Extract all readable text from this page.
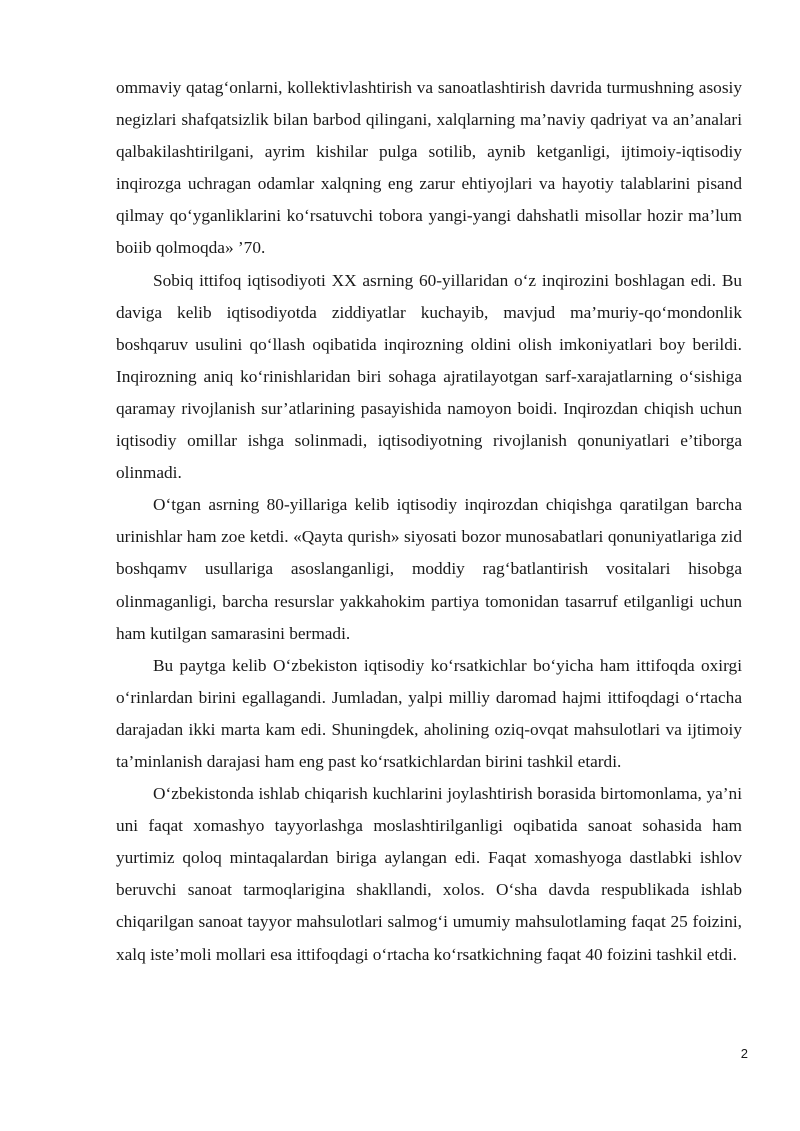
ommaviy qatag‘onlarni, kollektivlashtirish va sanoatlashtirish davrida turmushning asosiy negizlari shafqatsizlik bilan barbod qilingani, xalqlarning ma’naviy qadriyat va an’analari qalbakilashtirilgani, ayrim kishilar pulga sotilib, aynib ketganligi, ijtimoiy-iqtisodiy inqirozga uchragan odamlar xalqning eng zarur ehtiyojlari va hayotiy talablarini pisand qilmay qo‘yganliklarini ko‘rsatuvchi tobora yangi-yangi dahshatli misollar hozir ma’lum boiib qolmoqda» ’70.

Sobiq ittifoq iqtisodiyoti XX asrning 60-yillaridan o‘z inqirozini boshlagan edi. Bu daviga kelib iqtisodiyotda ziddiyatlar kuchayib, mavjud ma’muriy-qo‘mondonlik boshqaruv usulini qo‘llash oqibatida inqirozning oldini olish imkoniyatlari boy berildi. Inqirozning aniq ko‘rinishlaridan biri sohaga ajratilayotgan sarf-xarajatlarning o‘sishiga qaramay rivojlanish sur’atlarining pasayishida namoyon boidi. Inqirozdan chiqish uchun iqtisodiy omillar ishga solinmadi, iqtisodiyotning rivojlanish qonuniyatlari e’tiborga olinmadi.

O‘tgan asrning 80-yillariga kelib iqtisodiy inqirozdan chiqishga qaratilgan barcha urinishlar ham zoe ketdi. «Qayta qurish» siyosati bozor munosabatlari qonuniyatlariga zid boshqamv usullariga asoslanganligi, moddiy rag‘batlantirish vositalari hisobga olinmaganligi, barcha resurslar yakkahokim partiya tomonidan tasarruf etilganligi uchun ham kutilgan samarasini bermadi.

Bu paytga kelib O‘zbekiston iqtisodiy ko‘rsatkichlar bo‘yicha ham ittifoqda oxirgi o‘rinlardan birini egallagandi. Jumladan, yalpi milliy daromad hajmi ittifoqdagi o‘rtacha darajadan ikki marta kam edi. Shuningdek, aholining oziq-ovqat mahsulotlari va ijtimoiy ta’minlanish darajasi ham eng past ko‘rsatkichlardan birini tashkil etardi.

O‘zbekistonda ishlab chiqarish kuchlarini joylashtirish borasida birtomonlama, ya’ni uni faqat xomashyo tayyorlashga moslashtirilganligi oqibatida sanoat sohasida ham yurtimiz qoloq mintaqalardan biriga aylangan edi. Faqat xomashyoga dastlabki ishlov beruvchi sanoat tarmoqlarigina shakllandi, xolos. O‘sha davda respublikada ishlab chiqarilgan sanoat tayyor mahsulotlari salmog‘i umumiy mahsulotlaming faqat 25 foizini, xalq iste’moli mollari esa ittifoqdagi o‘rtacha ko‘rsatkichning faqat 40 foizini tashkil etdi.

2
